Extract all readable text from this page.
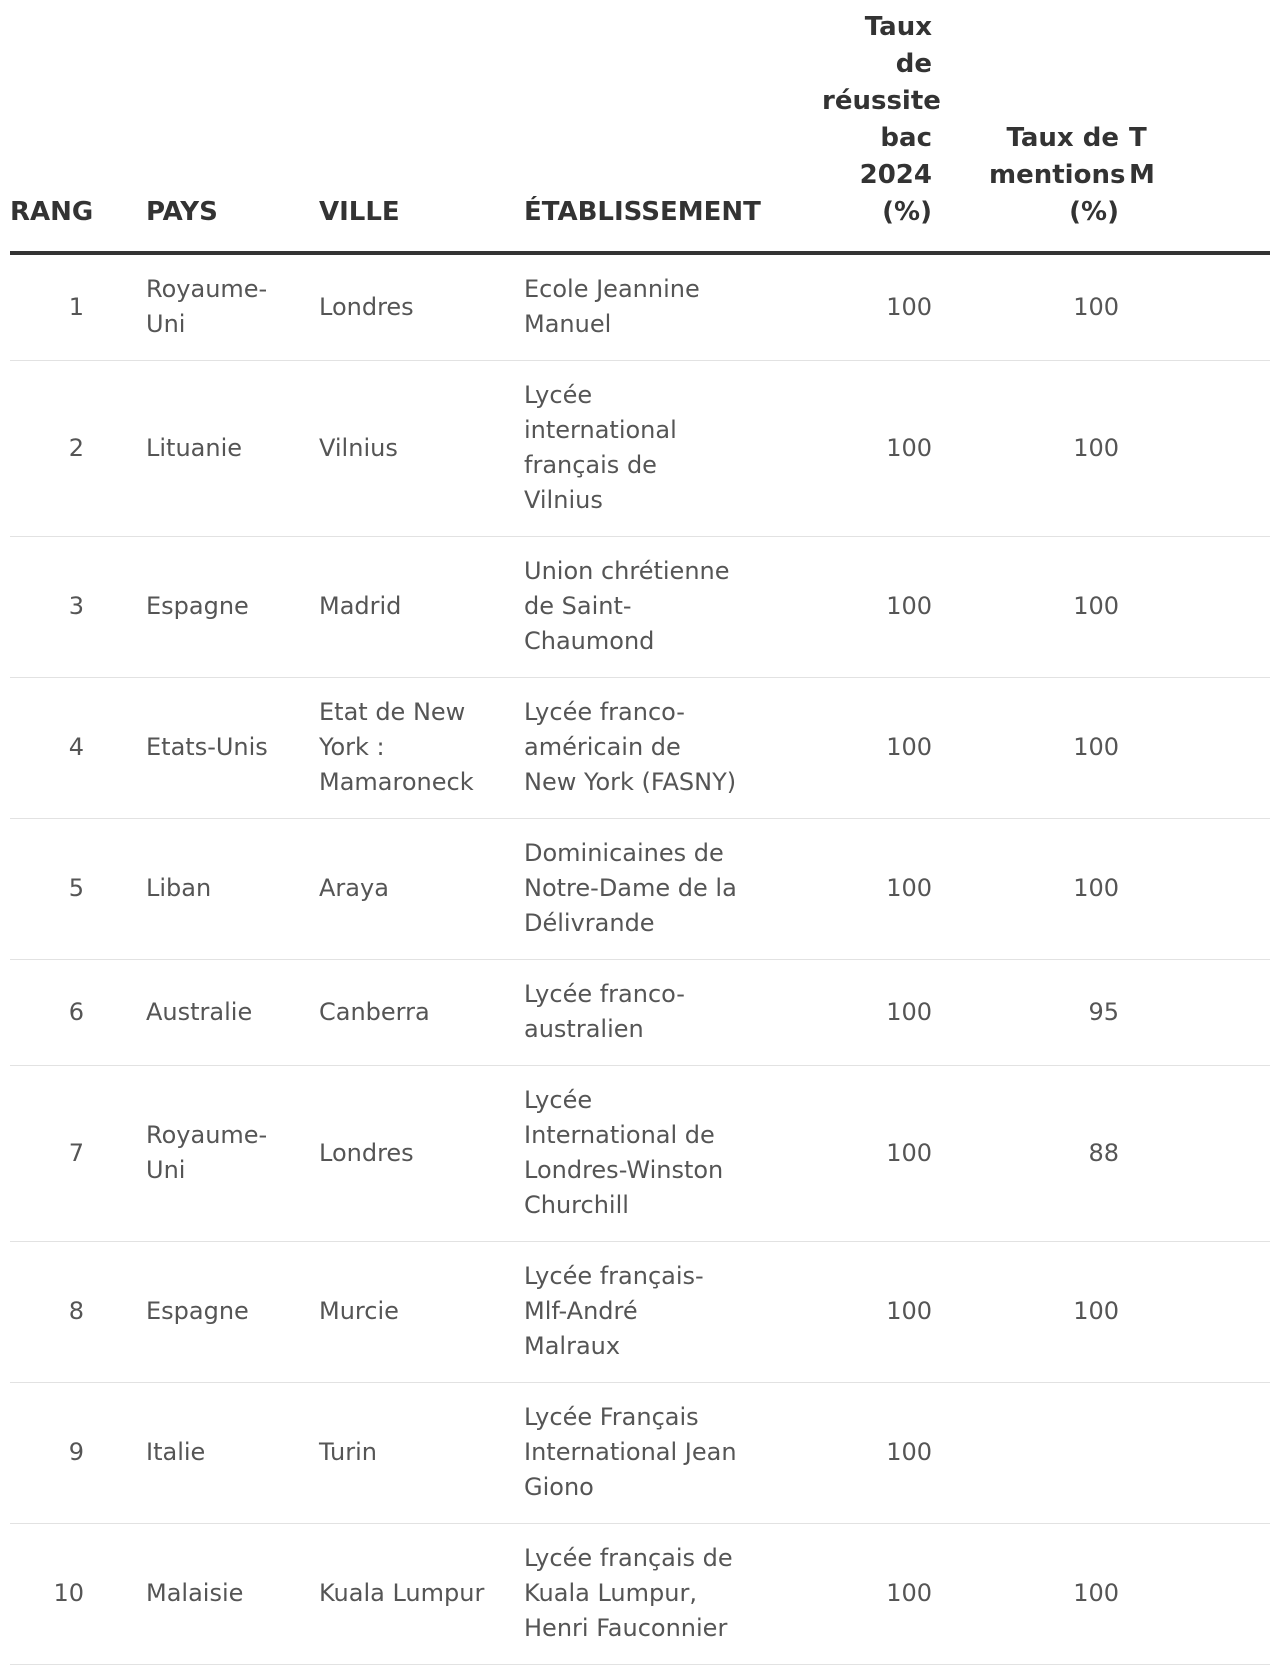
RANG	PAYS	VILLE	ÉTABLISSEMENT	Taux de réussite bac 2024 (%)	Taux de mentions (%)	T M
1	Royaume-Uni	Londres	Ecole Jeannine Manuel	100	100	
2	Lituanie	Vilnius	Lycée international français de Vilnius	100	100	
3	Espagne	Madrid	Union chrétienne de Saint-Chaumond	100	100	
4	Etats-Unis	Etat de New York : Mamaroneck	Lycée franco-américain de New York (FASNY)	100	100	
5	Liban	Araya	Dominicaines de Notre-Dame de la Délivrande	100	100	
6	Australie	Canberra	Lycée franco-australien	100	95	
7	Royaume-Uni	Londres	Lycée International de Londres-Winston Churchill	100	88	
8	Espagne	Murcie	Lycée français-Mlf-André Malraux	100	100	
9	Italie	Turin	Lycée Français International Jean Giono	100		
10	Malaisie	Kuala Lumpur	Lycée français de Kuala Lumpur, Henri Fauconnier	100	100	
